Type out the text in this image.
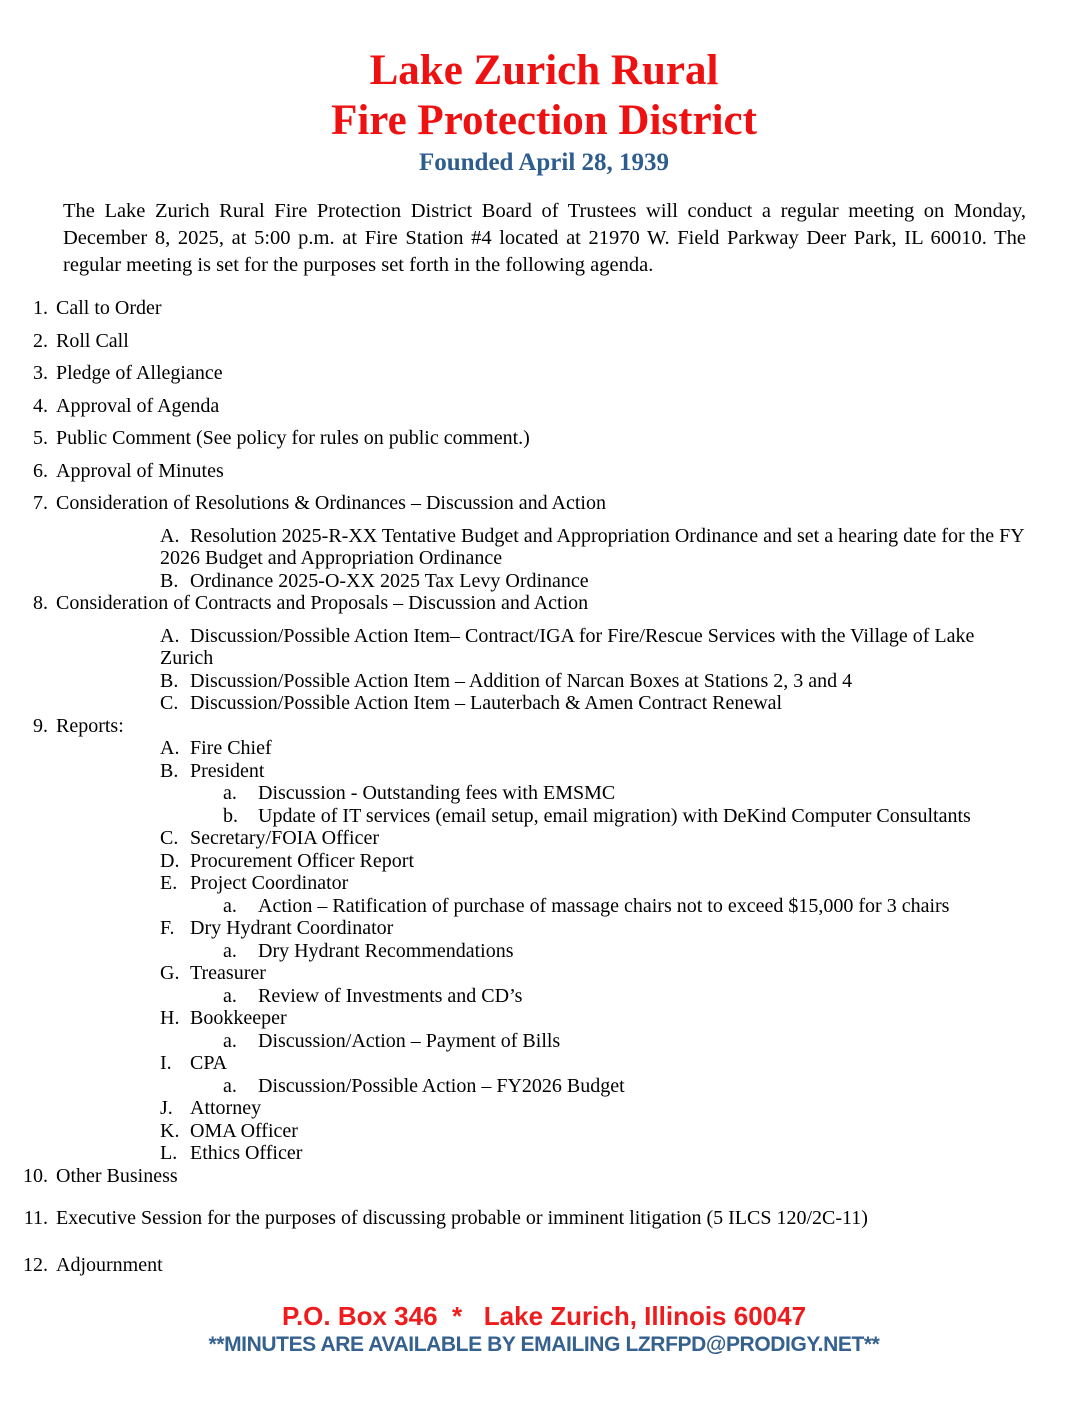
Lake Zurich Rural
Fire Protection District
Founded April 28, 1939

The Lake Zurich Rural Fire Protection District Board of Trustees will conduct a regular meeting on Monday, December 8, 2025, at 5:00 p.m. at Fire Station #4 located at 21970 W. Field Parkway Deer Park, IL 60010. The regular meeting is set for the purposes set forth in the following agenda.

1. Call to Order
2. Roll Call
3. Pledge of Allegiance
4. Approval of Agenda
5. Public Comment (See policy for rules on public comment.)
6. Approval of Minutes
7. Consideration of Resolutions & Ordinances – Discussion and Action
A. Resolution 2025-R-XX Tentative Budget and Appropriation Ordinance and set a hearing date for the FY 2026 Budget and Appropriation Ordinance
B. Ordinance 2025-O-XX 2025 Tax Levy Ordinance
8. Consideration of Contracts and Proposals – Discussion and Action
A. Discussion/Possible Action Item– Contract/IGA for Fire/Rescue Services with the Village of Lake Zurich
B. Discussion/Possible Action Item – Addition of Narcan Boxes at Stations 2, 3 and 4
C. Discussion/Possible Action Item – Lauterbach & Amen Contract Renewal
9. Reports:
A. Fire Chief
B. President
a. Discussion - Outstanding fees with EMSMC
b. Update of IT services (email setup, email migration) with DeKind Computer Consultants
C. Secretary/FOIA Officer
D. Procurement Officer Report
E. Project Coordinator
a. Action – Ratification of purchase of massage chairs not to exceed $15,000 for 3 chairs
F. Dry Hydrant Coordinator
a. Dry Hydrant Recommendations
G. Treasurer
a. Review of Investments and CD’s
H. Bookkeeper
a. Discussion/Action – Payment of Bills
I. CPA
a. Discussion/Possible Action – FY2026 Budget
J. Attorney
K. OMA Officer
L. Ethics Officer
10. Other Business
11. Executive Session for the purposes of discussing probable or imminent litigation (5 ILCS 120/2C-11)
12. Adjournment
P.O. Box 346  *   Lake Zurich, Illinois 60047
**MINUTES ARE AVAILABLE BY EMAILING LZRFPD@PRODIGY.NET**
